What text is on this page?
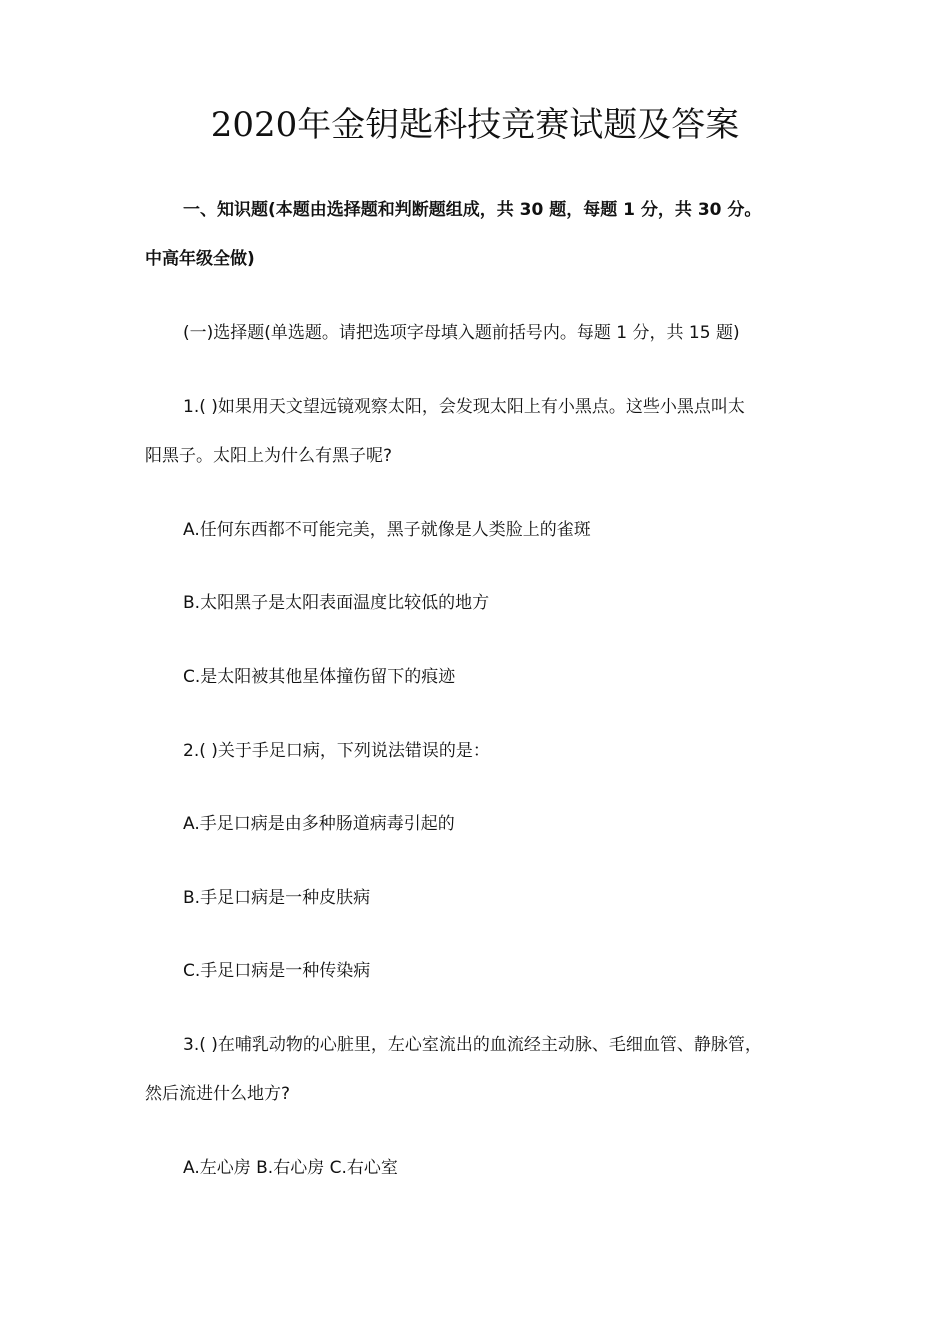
2020年金钥匙科技竞赛试题及答案
一、知识题(本题由选择题和判断题组成，共 30 题，每题 1 分，共 30 分。
中高年级全做)
(一)选择题(单选题。请把选项字母填入题前括号内。每题 1 分，共 15 题)
1.( )如果用天文望远镜观察太阳，会发现太阳上有小黑点。这些小黑点叫太
阳黑子。太阳上为什么有黑子呢?
A.任何东西都不可能完美，黑子就像是人类脸上的雀斑
B.太阳黑子是太阳表面温度比较低的地方
C.是太阳被其他星体撞伤留下的痕迹
2.( )关于手足口病，下列说法错误的是：
A.手足口病是由多种肠道病毒引起的
B.手足口病是一种皮肤病
C.手足口病是一种传染病
3.( )在哺乳动物的心脏里，左心室流出的血流经主动脉、毛细血管、静脉管，
然后流进什么地方?
A.左心房 B.右心房 C.右心室
